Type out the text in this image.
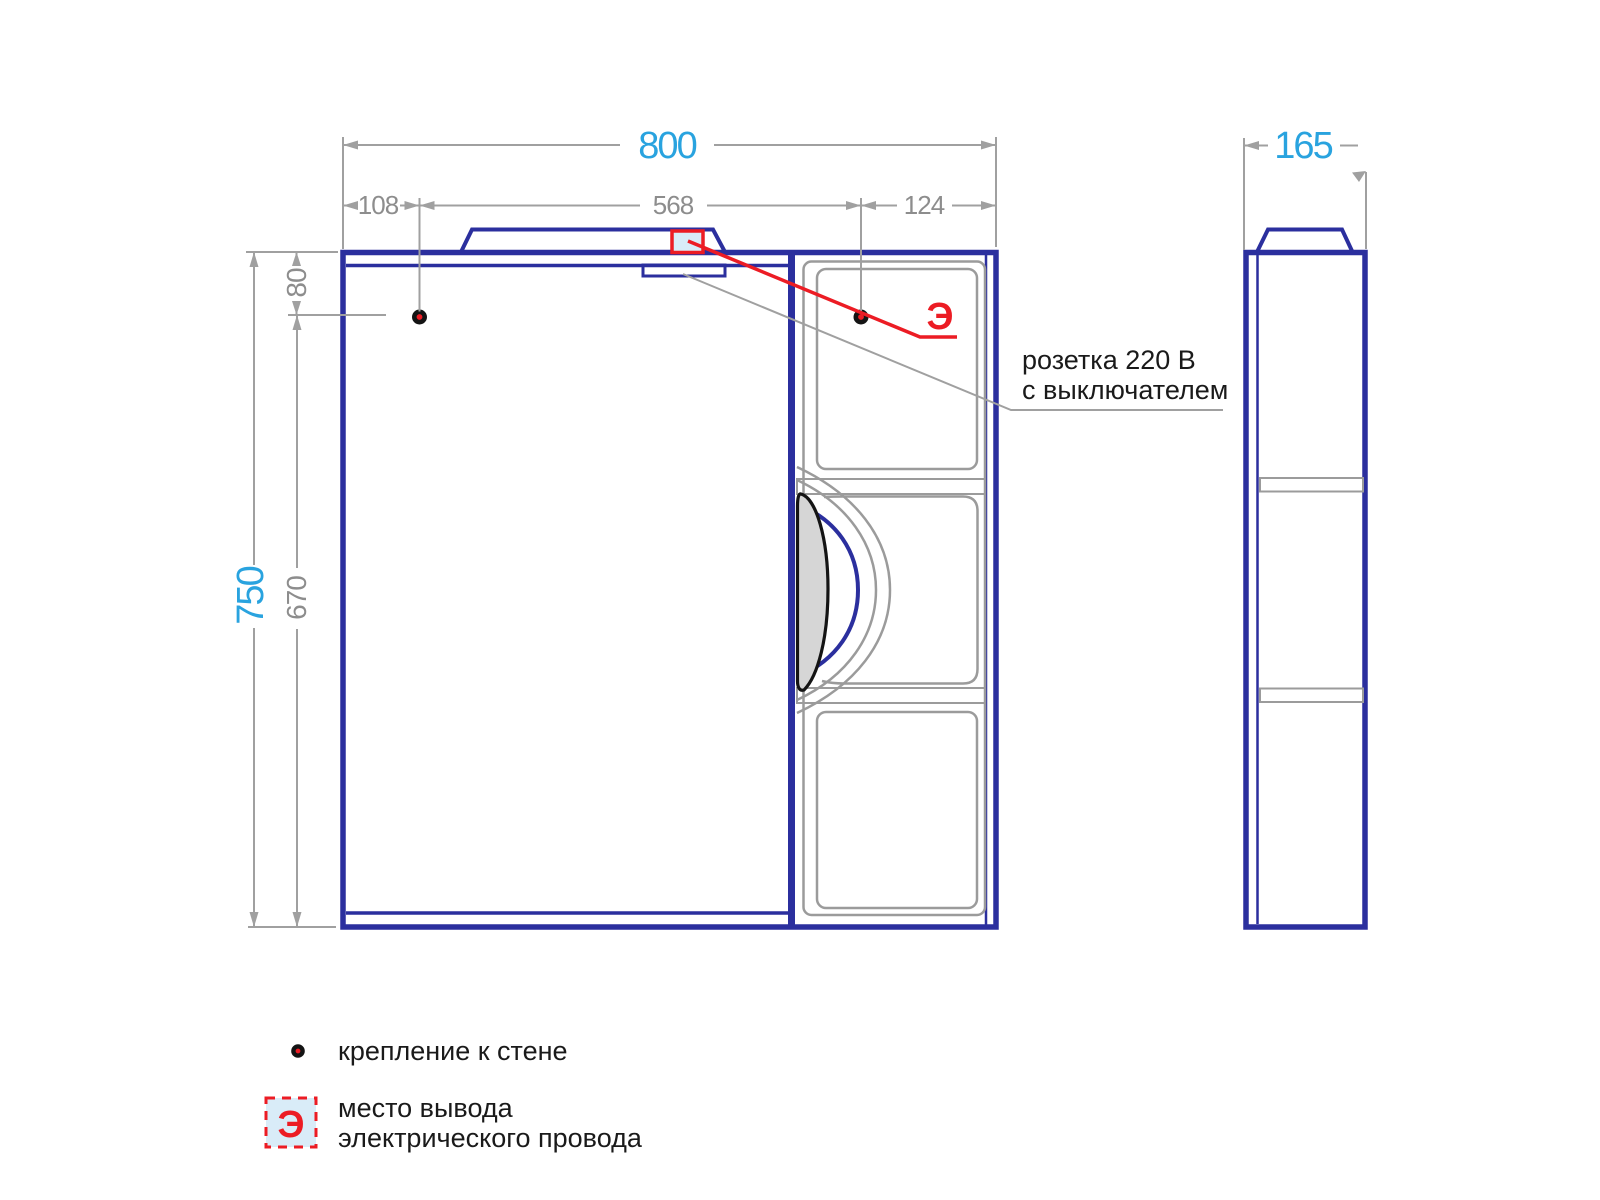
800
108	568	124
750
80
670
165
Э
розетка 220 В
с выключателем
крепление к стене
Э место вывода
электрического провода
